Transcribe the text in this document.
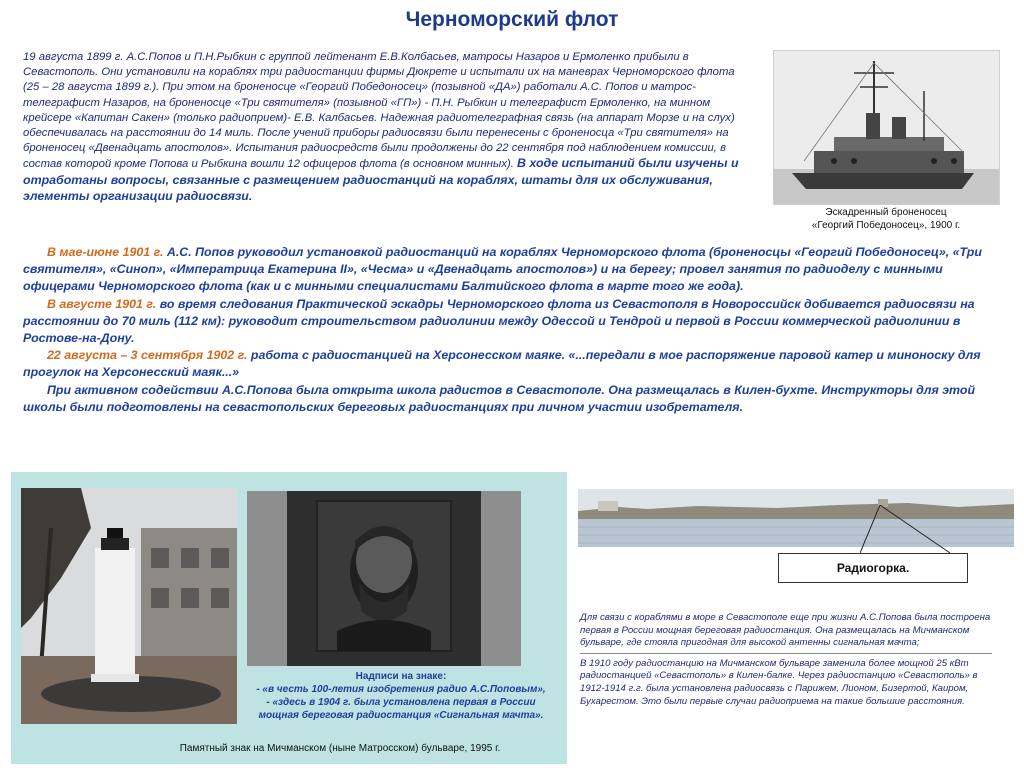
Черноморский флот
19 августа 1899 г. А.С.Попов и П.Н.Рыбкин с группой лейтенант Е.В.Колбасьев, матросы Назаров и Ермоленко прибыли в Севастополь. Они установили на кораблях три радиостанции фирмы Дюкрете и испытали их на маневрах Черноморского флота (25 – 28 августа 1899 г.). При этом на броненосце «Георгий Победоносец» (позывной «ДА») работали А.С. Попов и матрос-телеграфист Назаров, на броненосце «Три святителя» (позывной «ГП») - П.Н. Рыбкин и телеграфист Ермоленко, на минном крейсере «Капитан Сакен» (только радиоприем)- Е.В. Калбасьев. Надежная радиотелеграфная связь (на аппарат Морзе и на слух) обеспечивалась на расстоянии до 14 миль. После учений приборы радиосвязи были перенесены с броненосца «Три святителя» на броненосец «Двенадцать апостолов». Испытания радиосредств были продолжены до 22 сентября под наблюдением комиссии, в состав которой кроме Попова и Рыбкина вошли 12 офицеров флота (в основном минных). В ходе испытаний были изучены и отработаны вопросы, связанные с размещением радиостанций на кораблях, штаты для их обслуживания, элементы организации радиосвязи.
Эскадренный броненосец
«Георгий Победоносец», 1900 г.

В мае-июне 1901 г. А.С. Попов руководил установкой радиостанций на кораблях Черноморского флота (броненосцы «Георгий Победоносец», «Три святителя», «Синоп», «Императрица Екатерина II», «Чесма» и «Двенадцать апостолов») и на берегу; провел занятия по радиоделу с минными офицерами Черноморского флота (как и с минными специалистами Балтийского флота в марте того же года).

В августе 1901 г. во время следования Практической эскадры Черноморского флота из Севастополя в Новороссийск добивается радиосвязи на расстоянии до 70 миль (112 км): руководит строительством радиолинии между Одессой и Тендрой и первой в России коммерческой радиолинии в Ростове-на-Дону.

22 августа – 3 сентября 1902 г. работа с радиостанцией на Херсонесском маяке. «...передали в мое распоряжение паровой катер и миноноску для прогулок на Херсонесский маяк...»

При активном содействии А.С.Попова была открыта школа радистов в Севастополе. Она размещалась в Килен-бухте. Инструкторы для этой школы были подготовлены на севастопольских береговых радиостанциях при личном участии изобретателя.

Надписи на знаке:
- «в честь 100-летия изобретения радио А.С.Поповым»,
- «здесь в 1904 г. была установлена первая в России
мощная береговая радиостанция «Сигнальная мачта».
Памятный знак на Мичманском (ныне Матросском) бульваре, 1995 г.
Радиогорка.

Для связи с кораблями в море в Севастополе еще при жизни А.С.Попова была построена первая в России мощная береговая радиостанция. Она размещалась на Мичманском бульваре, где стояла пригодная для высокой антенны сигнальная мачта;

В 1910 году радиостанцию на Мичманском бульваре заменила более мощной 25 кВт радиостанцией «Севастополь» в Килен-балке. Через радиостанцию «Севастополь» в 1912-1914 г.г. была установлена радиосвязь с Парижем, Лионом, Бизертой, Каиром, Бухарестом. Это были первые случаи радиоприема на такие большие расстояния.
